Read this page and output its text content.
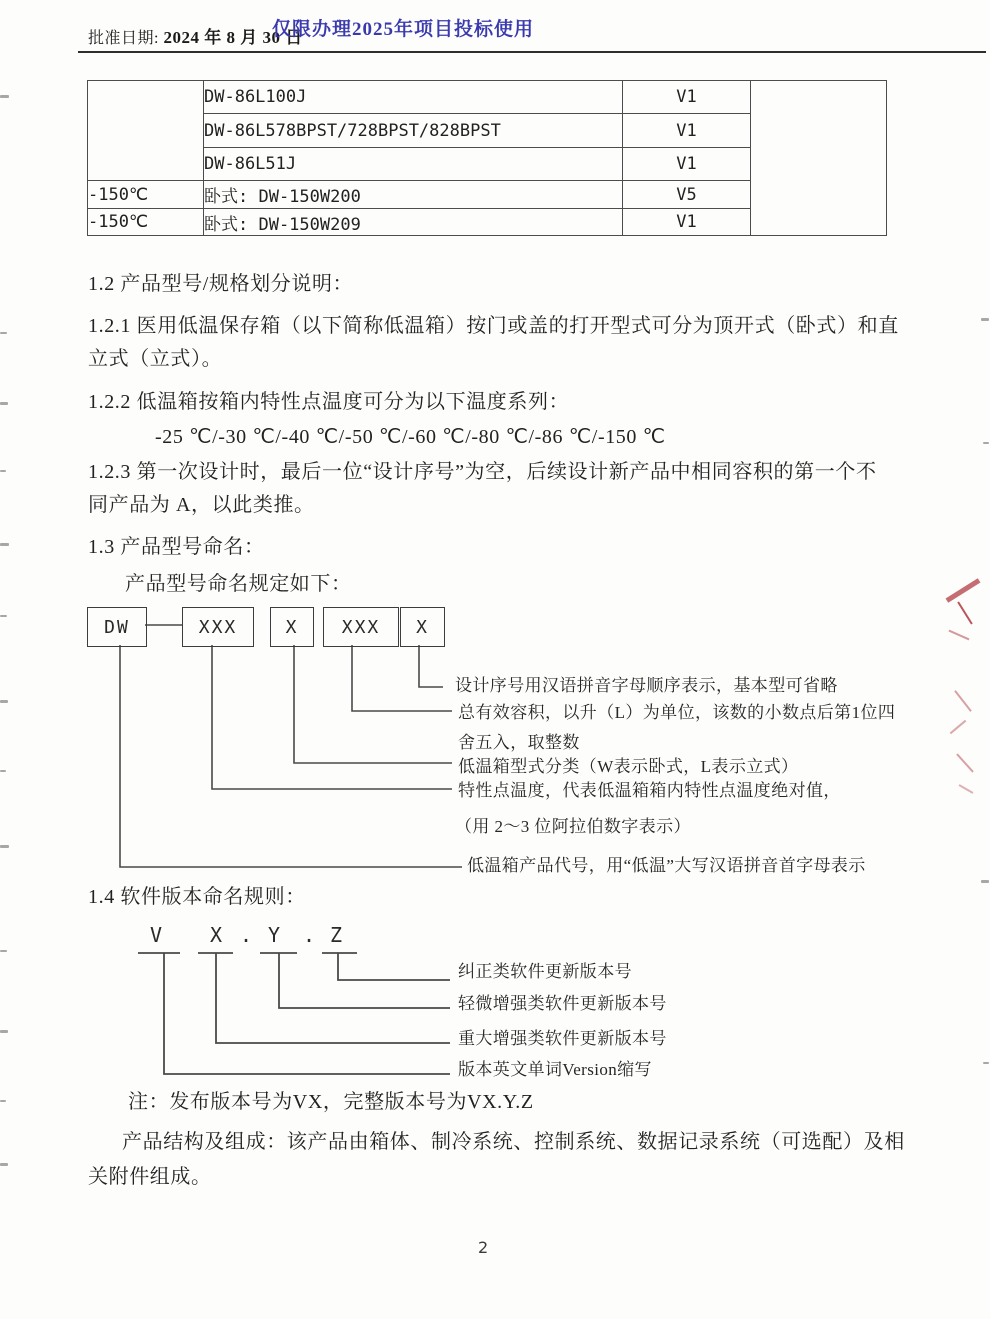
批准日期: 2024 年 8 月 30 日
仅限办理2025年项目投标使用
	DW-86L100J	V1	
	DW-86L578BPST/728BPST/828BPST	V1	
	DW-86L51J	V1	
-150℃	卧式: DW-150W200	V5	
-150℃	卧式: DW-150W209	V1	
1.2 产品型号/规格划分说明：
1.2.1 医用低温保存箱（以下简称低温箱）按门或盖的打开型式可分为顶开式（卧式）和直
立式（立式）。
1.2.2 低温箱按箱内特性点温度可分为以下温度系列：
-25 ℃/-30 ℃/-40 ℃/-50 ℃/-60 ℃/-80 ℃/-86 ℃/-150 ℃
1.2.3 第一次设计时，最后一位“设计序号”为空，后续设计新产品中相同容积的第一个不
同产品为 A，以此类推。
1.3 产品型号命名：
产品型号命名规定如下：
DW	XXX	X	XXX	X
设计序号用汉语拼音字母顺序表示，基本型可省略
总有效容积，以升（L）为单位，该数的小数点后第1位四
舍五入，取整数
低温箱型式分类（W表示卧式，L表示立式）
特性点温度，代表低温箱箱内特性点温度绝对值，
（用 2～3 位阿拉伯数字表示）
低温箱产品代号，用“低温”大写汉语拼音首字母表示
1.4 软件版本命名规则：
V X . Y . Z
纠正类软件更新版本号
轻微增强类软件更新版本号
重大增强类软件更新版本号
版本英文单词Version缩写
注：发布版本号为VX，完整版本号为VX.Y.Z
产品结构及组成：该产品由箱体、制冷系统、控制系统、数据记录系统（可选配）及相
关附件组成。
2
